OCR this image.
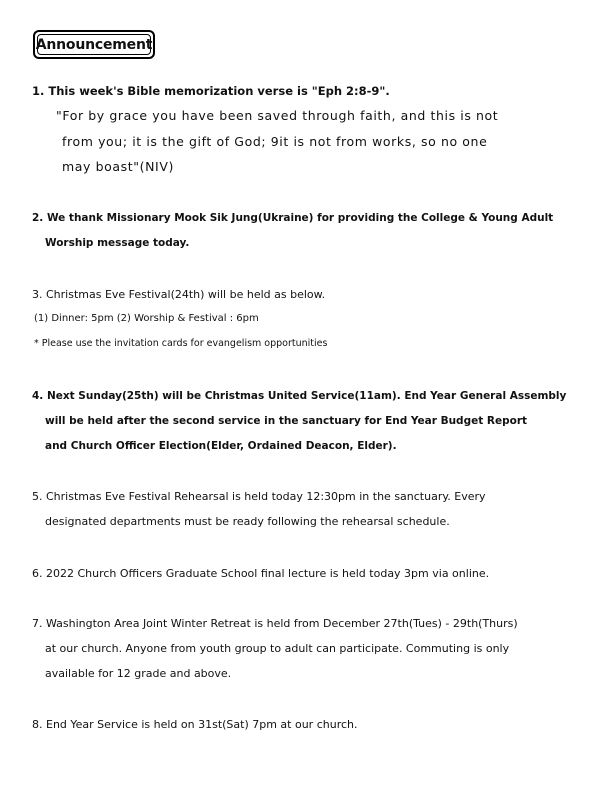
Announcement
1. This week's Bible memorization verse is "Eph 2:8-9".
"For by grace you have been saved through faith, and this is not
from you; it is the gift of God; 9it is not from works, so no one
may boast"(NIV)
2. We thank Missionary Mook Sik Jung(Ukraine) for providing the College & Young Adult
Worship message today.
3. Christmas Eve Festival(24th) will be held as below.
(1) Dinner: 5pm (2) Worship & Festival : 6pm
* Please use the invitation cards for evangelism opportunities
4. Next Sunday(25th) will be Christmas United Service(11am). End Year General Assembly
will be held after the second service in the sanctuary for End Year Budget Report
and Church Officer Election(Elder, Ordained Deacon, Elder).
5. Christmas Eve Festival Rehearsal is held today 12:30pm in the sanctuary. Every
designated departments must be ready following the rehearsal schedule.
6. 2022 Church Officers Graduate School final lecture is held today 3pm via online.
7. Washington Area Joint Winter Retreat is held from December 27th(Tues) - 29th(Thurs)
at our church. Anyone from youth group to adult can participate. Commuting is only
available for 12 grade and above.
8. End Year Service is held on 31st(Sat) 7pm at our church.
